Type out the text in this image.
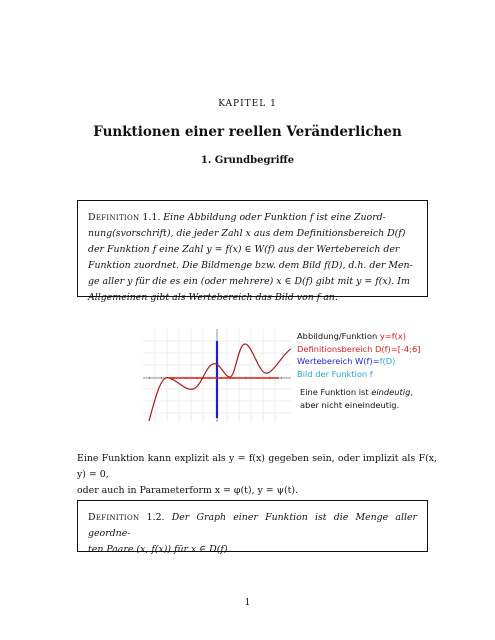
KAPITEL 1
Funktionen einer reellen Veränderlichen
1. Grundbegriffe
Definition 1.1. Eine Abbildung oder Funktion f ist eine Zuord-
nung(svorschrift), die jeder Zahl x aus dem Definitionsbereich D(f)
der Funktion f eine Zahl y = f(x) ∈ W(f) aus der Wertebereich der
Funktion zuordnet. Die Bildmenge bzw. dem Bild f(D), d.h. der Men-
ge aller y für die es ein (oder mehrere) x ∈ D(f) gibt mit y = f(x). Im
Allgemeinen gibt als Wertebereich das Bild von f an.
Abbildung/Funktion y=f(x)
Definitionsbereich D(f)=[-4;6]
Wertebereich W(f)=f(D)
Bild der Funktion f
Eine Funktion ist eindeutig,
aber nicht eineindeutig.
Eine Funktion kann explizit als y = f(x) gegeben sein, oder implizit als F(x, y) = 0,
oder auch in Parameterform x = φ(t), y = ψ(t).
Definition 1.2. Der Graph einer Funktion ist die Menge aller geordne-
ten Paare (x, f(x)) für x ∈ D(f).
1
